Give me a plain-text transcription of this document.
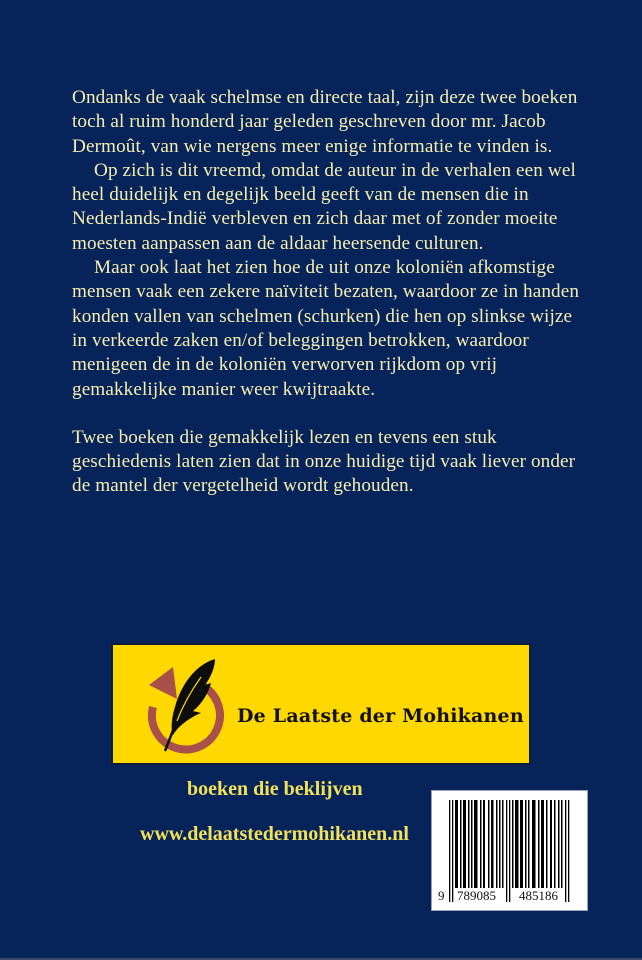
Ondanks de vaak schelmse en directe taal, zijn deze twee boeken toch al ruim honderd jaar geleden geschreven door mr. Jacob Dermoût, van wie nergens meer enige informatie te vinden is.

Op zich is dit vreemd, omdat de auteur in de verhalen een wel heel duidelijk en degelijk beeld geeft van de mensen die in Nederlands-Indië verbleven en zich daar met of zonder moeite moesten aanpassen aan de aldaar heersende culturen.

Maar ook laat het zien hoe de uit onze koloniën afkomstige mensen vaak een zekere naïviteit bezaten, waardoor ze in handen konden vallen van schelmen (schurken) die hen op slinkse wijze in verkeerde zaken en/of beleggingen betrokken, waardoor menigeen de in de koloniën verworven rijkdom op vrij gemakkelijke manier weer kwijtraakte.

Twee boeken die gemakkelijk lezen en tevens een stuk geschiedenis laten zien dat in onze huidige tijd vaak liever onder de mantel der vergetelheid wordt gehouden.

De Laatste der Mohikanen
boeken die beklijven
www.delaatstedermohikanen.nl
9 789085 485186
